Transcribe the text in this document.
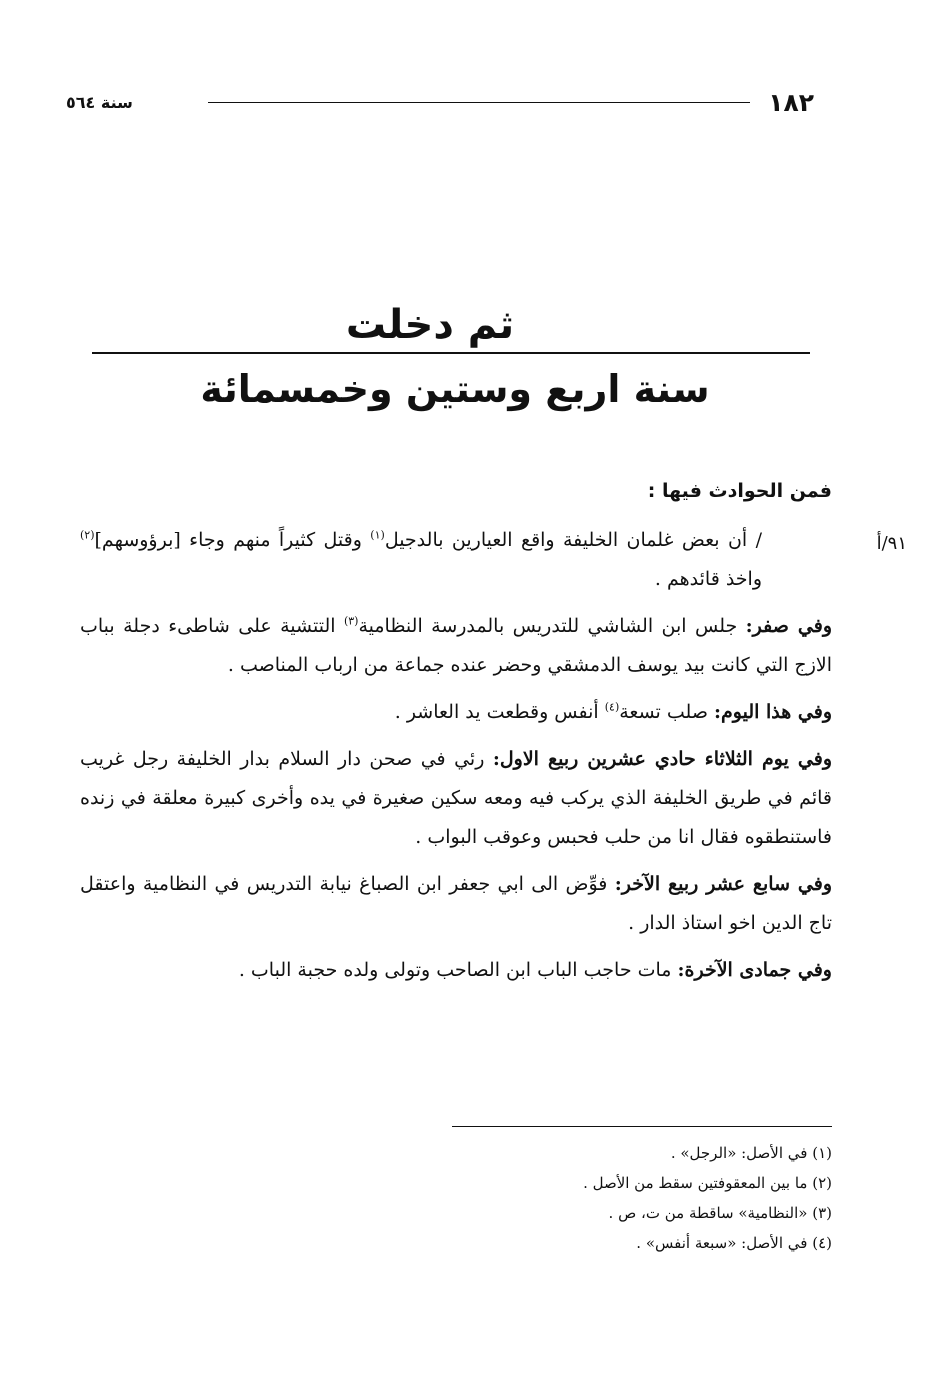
١٨٢
سنة ٥٦٤
ثم دخلت
سنة اربع وستين وخمسمائة
٩١/أ

فمن الحوادث فيها :

/ أن بعض غلمان الخليفة واقع العيارين بالدجيل$^{(١)}$ وقتل كثيراً منهم وجاء [برؤوسهم]$^{(٢)}$ واخذ قائدهم .

وفي صفر: جلس ابن الشاشي للتدريس بالمدرسة النظامية$^{(٣)}$ التتشية على شاطىء دجلة بباب الازج التي كانت بيد يوسف الدمشقي وحضر عنده جماعة من ارباب المناصب .

وفي هذا اليوم: صلب تسعة$^{(٤)}$ أنفس وقطعت يد العاشر .

وفي يوم الثلاثاء حادي عشرين ربيع الاول: رئي في صحن دار السلام بدار الخليفة رجل غريب قائم في طريق الخليفة الذي يركب فيه ومعه سكين صغيرة في يده وأخرى كبيرة معلقة في زنده فاستنطقوه فقال انا من حلب فحبس وعوقب البواب .

وفي سابع عشر ربيع الآخر: فوِّض الى ابي جعفر ابن الصباغ نيابة التدريس في النظامية واعتقل تاج الدين اخو استاذ الدار .

وفي جمادى الآخرة: مات حاجب الباب ابن الصاحب وتولى ولده حجبة الباب .

(١) في الأصل: «الرجل» .

(٢) ما بين المعقوفتين سقط من الأصل .

(٣) «النظامية» ساقطة من ت، ص .

(٤) في الأصل: «سبعة أنفس» .
